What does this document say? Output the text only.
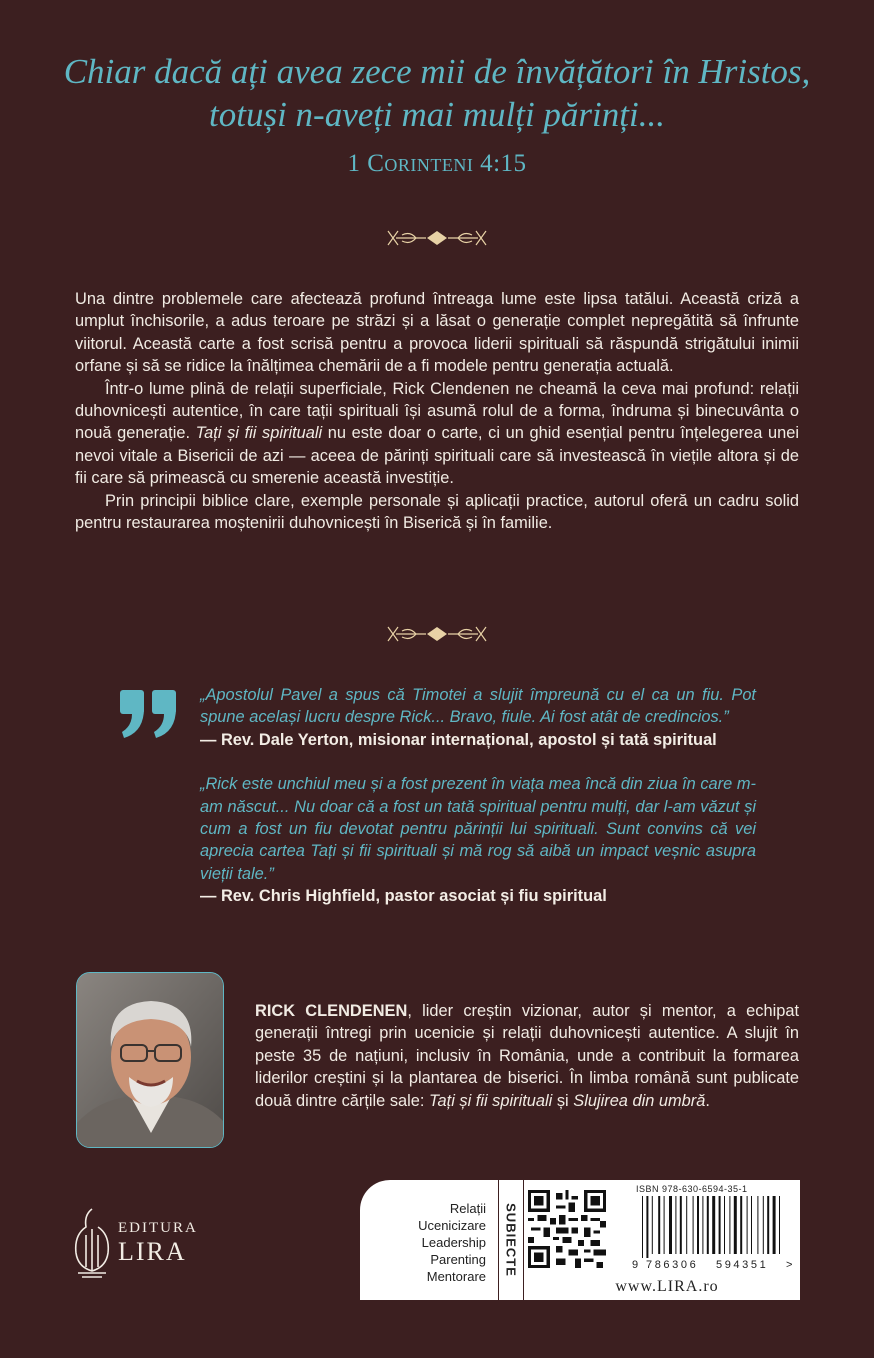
Chiar dacă ați avea zece mii de învățători în Hristos,
totuși n-aveți mai mulți părinți...
1 Corinteni 4:15

Una dintre problemele care afectează profund întreaga lume este lipsa tatălui. Această criză a umplut închisorile, a adus teroare pe străzi și a lăsat o generație complet nepregătită să înfrunte viitorul. Această carte a fost scrisă pentru a provoca liderii spirituali să răspundă strigătului inimii orfane și să se ridice la înălțimea chemării de a fi modele pentru generația actuală.

Într-o lume plină de relații superficiale, Rick Clendenen ne cheamă la ceva mai profund: relații duhovnicești autentice, în care tații spirituali își asumă rolul de a forma, îndruma și binecuvânta o nouă generație. Tați și fii spirituali nu este doar o carte, ci un ghid esențial pentru înțelegerea unei nevoi vitale a Bisericii de azi — aceea de părinți spirituali care să investească în viețile altora și de fii care să primească cu smerenie această investiție.

Prin principii biblice clare, exemple personale și aplicații practice, autorul oferă un cadru solid pentru restaurarea moștenirii duhovnicești în Biserică și în familie.

„Apostolul Pavel a spus că Timotei a slujit împreună cu el ca un fiu. Pot spune același lucru despre Rick... Bravo, fiule. Ai fost atât de credincios.”
— Rev. Dale Yerton, misionar internațional, apostol și tată spiritual
„Rick este unchiul meu și a fost prezent în viața mea încă din ziua în care m-am născut... Nu doar că a fost un tată spiritual pentru mulți, dar l-am văzut și cum a fost un fiu devotat pentru părinții lui spirituali. Sunt convins că vei aprecia cartea Tați și fii spirituali și mă rog să aibă un impact veșnic asupra vieții tale.”
— Rev. Chris Highfield, pastor asociat și fiu spiritual
RICK CLENDENEN, lider creștin vizionar, autor și mentor, a echipat generații întregi prin ucenicie și relații duhovnicești autentice. A slujit în peste 35 de națiuni, inclusiv în România, unde a contribuit la formarea liderilor creștini și la plantarea de biserici. În limba română sunt publicate două dintre cărțile sale: Tați și fii spirituali și Slujirea din umbră.
EDITURA
LIRA
Relații
Ucenicizare
Leadership
Parenting
Mentorare SUBIECTE
ISBN 978-630-6594-35-1
9 786306 594351 >
www.LIRA.ro
